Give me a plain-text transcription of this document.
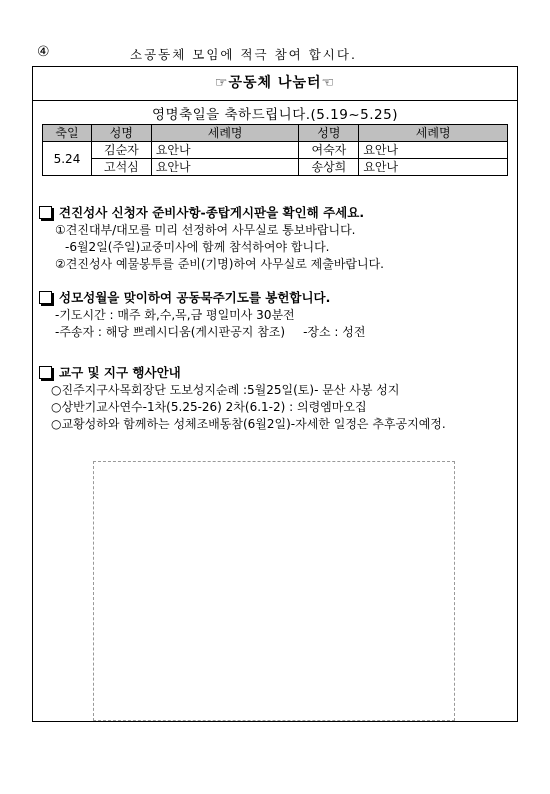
④	소공동체 모임에 적극 참여 합시다.
☞공동체 나눔터☜
영명축일을 축하드립니다.(5.19~5.25)
축일	성명	세례명	성명	세례명
5.24	김순자	요안나	여숙자	요안나
	고석심	요안나	송상희	요안나
견진성사 신청자 준비사항-종탑게시판을 확인해 주세요.
①견진대부/대모를 미리 선정하여 사무실로 통보바랍니다.
-6월2일(주일)교중미사에 함께 참석하여야 합니다.
②견진성사 예물봉투를 준비(기명)하여 사무실로 제출바랍니다.
성모성월을 맞이하여 공동묵주기도를 봉헌합니다.
-기도시간 : 매주 화,수,목,금 평일미사 30분전
-주송자 : 해당 쁘레시디움(게시판공지 참조) -장소 : 성전
교구 및 지구 행사안내
○진주지구사목회장단 도보성지순례 :5월25일(토)- 문산 사봉 성지
○상반기교사연수-1차(5.25-26) 2차(6.1-2) : 의령엠마오집
○교황성하와 함께하는 성체조배동참(6월2일)-자세한 일정은 추후공지예정.
